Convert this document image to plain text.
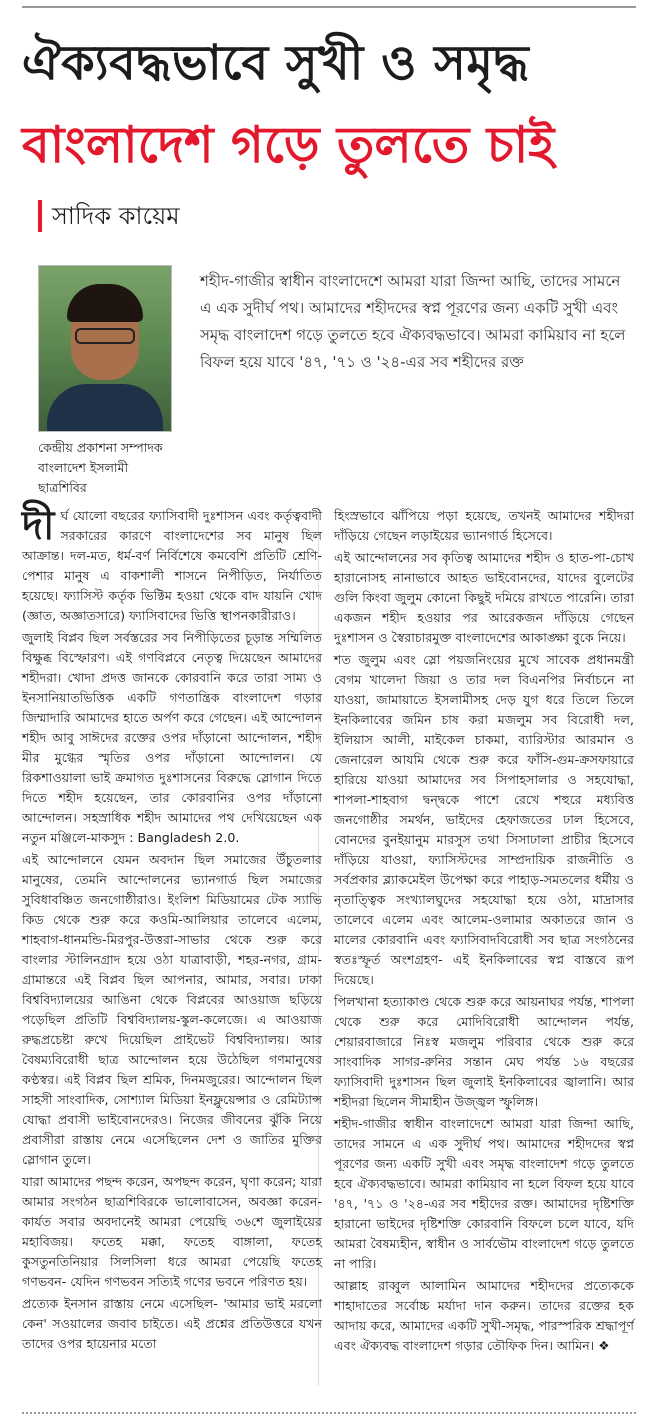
ঐক্যবদ্ধভাবে সুখী ও সমৃদ্ধ
বাংলাদেশ গড়ে তুলতে চাই
সাদিক কায়েম
কেন্দ্রীয় প্রকাশনা সম্পাদক
বাংলাদেশ ইসলামী
ছাত্রশিবির

শহীদ-গাজীর স্বাধীন বাংলাদেশে আমরা যারা জিন্দা আছি, তাদের সামনে এ এক সুদীর্ঘ পথ। আমাদের শহীদদের স্বপ্ন পূরণের জন্য একটি সুখী এবং সমৃদ্ধ বাংলাদেশ গড়ে তুলতে হবে ঐক্যবদ্ধভাবে। আমরা কামিয়াব না হলে বিফল হয়ে যাবে '৪৭, '৭১ ও '২৪-এর সব শহীদের রক্ত

দীর্ঘ যোলো বছরের ফ্যাসিবাদী দুঃশাসন এবং কর্তৃত্ববাদী সরকারের কারণে বাংলাদেশের সব মানুষ ছিল আক্রান্ত। দল-মত, ধর্ম-বর্ণ নির্বিশেষে কমবেশি প্রতিটি শ্রেণি-পেশার মানুষ এ বাকশালী শাসনে নিপীড়িত, নির্যাতিত হয়েছে। ফ্যাসিস্ট কর্তৃক ভিক্টিম হওয়া থেকে বাদ যায়নি খোদ (জ্ঞাত, অজ্ঞাতসারে) ফ্যাসিবাদের ভিত্তি স্থাপনকারীরাও।

জুলাই বিপ্লব ছিল সর্বস্তরের সব নিপীড়িতের চূড়ান্ত সম্মিলিত বিক্ষুব্ধ বিস্ফোরণ। এই গণবিপ্লবে নেতৃত্ব দিয়েছেন আমাদের শহীদরা। খোদা প্রদত্ত জানকে কোরবানি করে তারা সাম্য ও ইনসানিয়াতভিত্তিক একটি গণতান্ত্রিক বাংলাদেশ গড়ার জিম্মাদারি আমাদের হাতে অর্পণ করে গেছেন। এই আন্দোলন শহীদ আবু সাঈদের রক্তের ওপর দাঁড়ানো আন্দোলন, শহীদ মীর মুগ্ধের স্মৃতির ওপর দাঁড়ানো আন্দোলন। যে রিকশাওয়ালা ভাই ক্রমাগত দুঃশাসনের বিরুদ্ধে স্লোগান দিতে দিতে শহীদ হয়েছেন, তার কোরবানির ওপর দাঁড়ানো আন্দোলন। সহস্রাধিক শহীদ আমাদের পথ দেখিয়েছেন এক নতুন মঞ্জিলে-মাকসুদ : Bangladesh 2.0.

এই আন্দোলনে যেমন অবদান ছিল সমাজের উঁচুতলার মানুষের, তেমনি আন্দোলনের ভ্যানগার্ড ছিল সমাজের সুবিধাবঞ্চিত জনগোষ্ঠীরাও। ইংলিশ মিডিয়ামের টেক স্যাভি কিড থেকে শুরু করে কওমি-আলিয়ার তালেবে এলেম, শাহবাগ-ধানমন্ডি-মিরপুর-উত্তরা-সাভার থেকে শুরু করে বাংলার স্টালিনগ্রাদ হয়ে ওঠা যাত্রাবাড়ী, শহর-নগর, গ্রাম-গ্রামান্তরে এই বিপ্লব ছিল আপনার, আমার, সবার। ঢাকা বিশ্ববিদ্যালয়ের আঙিনা থেকে বিপ্লবের আওয়াজ ছড়িয়ে পড়েছিল প্রতিটি বিশ্ববিদ্যালয়-স্কুল-কলেজে। এ আওয়াজ রুদ্ধপ্রচেষ্টা রুখে দিয়েছিল প্রাইভেট বিশ্ববিদ্যালয়। আর বৈষম্যবিরোধী ছাত্র আন্দোলন হয়ে উঠেছিল গণমানুষের কণ্ঠস্বর। এই বিপ্লব ছিল শ্রমিক, দিনমজুরের। আন্দোলন ছিল সাহসী সাংবাদিক, সোশ্যাল মিডিয়া ইনফ্লুয়েন্সার ও রেমিট্যান্স যোদ্ধা প্রবাসী ভাইবোনদেরও। নিজের জীবনের ঝুঁকি নিয়ে প্রবাসীরা রাস্তায় নেমে এসেছিলেন দেশ ও জাতির মুক্তির স্লোগান তুলে।

যারা আমাদের পছন্দ করেন, অপছন্দ করেন, ঘৃণা করেন; যারা আমার সংগঠন ছাত্রশিবিরকে ভালোবাসেন, অবজ্ঞা করেন- কার্যত সবার অবদানেই আমরা পেয়েছি ৩৬শে জুলাইয়ের মহাবিজয়। ফতেহ মক্কা, ফতেহ বাঙ্গালা, ফতেহ কুসতুনতিনিয়ার সিলসিলা ধরে আমরা পেয়েছি ফতেহ গণভবন- যেদিন গণভবন সত্যিই গণের ভবনে পরিণত হয়।

প্রত্যেক ইনসান রাস্তায় নেমে এসেছিল- 'আমার ভাই মরলো কেন' সওয়ালের জবাব চাইতে। এই প্রশ্নের প্রতিউত্তরে যখন তাদের ওপর হায়েনার মতো

হিংস্রভাবে ঝাঁপিয়ে পড়া হয়েছে, তখনই আমাদের শহীদরা দাঁড়িয়ে গেছেন লড়াইয়ের ভ্যানগার্ড হিসেবে।

এই আন্দোলনের সব কৃতিত্ব আমাদের শহীদ ও হাত-পা-চোখ হারানোসহ নানাভাবে আহত ভাইবোনদের, যাদের বুলেটের গুলি কিংবা জুলুম কোনো কিছুই দমিয়ে রাখতে পারেনি। তারা একজন শহীদ হওয়ার পর আরেকজন দাঁড়িয়ে গেছেন দুঃশাসন ও স্বৈরাচারমুক্ত বাংলাদেশের আকাঙ্ক্ষা বুকে নিয়ে।

শত জুলুম এবং স্লো পয়জনিংয়ের মুখে সাবেক প্রধানমন্ত্রী বেগম খালেদা জিয়া ও তার দল বিএনপির নির্বাচনে না যাওয়া, জামায়াতে ইসলামীসহ দেড় যুগ ধরে তিলে তিলে ইনকিলাবের জমিন চাষ করা মজলুম সব বিরোধী দল, ইলিয়াস আলী, মাইকেল চাকমা, ব্যারিস্টার আরমান ও জেনারেল আযমি থেকে শুরু করে ফাঁসি-গুম-ক্রসফায়ারে হারিয়ে যাওয়া আমাদের সব সিপাহসালার ও সহযোদ্ধা, শাপলা-শাহবাগ দ্বন্দ্বকে পাশে রেখে শহুরে মধ্যবিত্ত জনগোষ্ঠীর সমর্থন, ভাইদের হেফাজতের ঢাল হিসেবে, বোনদের বুনইয়ানুম মারসুস তথা সিসাঢালা প্রাচীর হিসেবে দাঁড়িয়ে যাওয়া, ফ্যাসিস্টদের সাম্প্রদায়িক রাজনীতি ও সর্বপ্রকার ব্ল্যাকমেইল উপেক্ষা করে পাহাড়-সমতলের ধর্মীয় ও নৃতাত্ত্বিক সংখ্যালঘুদের সহযোদ্ধা হয়ে ওঠা, মাদ্রাসার তালেবে এলেম এবং আলেম-ওলামার অকাতরে জান ও মালের কোরবানি এবং ফ্যাসিবাদবিরোধী সব ছাত্র সংগঠনের স্বতঃস্ফূর্ত অংশগ্রহণ- এই ইনকিলাবের স্বপ্ন বাস্তবে রূপ দিয়েছে।

পিলখানা হত্যাকাণ্ড থেকে শুরু করে আয়নাঘর পর্যন্ত, শাপলা থেকে শুরু করে মোদিবিরোধী আন্দোলন পর্যন্ত, শেয়ারবাজারে নিঃস্ব মজলুম পরিবার থেকে শুরু করে সাংবাদিক সাগর-রুনির সন্তান মেঘ পর্যন্ত ১৬ বছরের ফ্যাসিবাদী দুঃশাসন ছিল জুলাই ইনকিলাবের জ্বালানি। আর শহীদরা ছিলেন সীমাহীন উজ্জ্বল স্ফুলিঙ্গ।

শহীদ-গাজীর স্বাধীন বাংলাদেশে আমরা যারা জিন্দা আছি, তাদের সামনে এ এক সুদীর্ঘ পথ। আমাদের শহীদদের স্বপ্ন পূরণের জন্য একটি সুখী এবং সমৃদ্ধ বাংলাদেশ গড়ে তুলতে হবে ঐক্যবদ্ধভাবে। আমরা কামিয়াব না হলে বিফল হয়ে যাবে '৪৭, '৭১ ও '২৪-এর সব শহীদের রক্ত। আমাদের দৃষ্টিশক্তি হারানো ভাইদের দৃষ্টিশক্তি কোরবানি বিফলে চলে যাবে, যদি আমরা বৈষম্যহীন, স্বাধীন ও সার্বভৌম বাংলাদেশ গড়ে তুলতে না পারি।

আল্লাহ রাব্বুল আলামিন আমাদের শহীদদের প্রত্যেককে শাহাদাতের সর্বোচ্চ মর্যাদা দান করুন। তাদের রক্তের হক আদায় করে, আমাদের একটি সুখী-সমৃদ্ধ, পারস্পরিক শ্রদ্ধাপূর্ণ এবং ঐক্যবদ্ধ বাংলাদেশ গড়ার তৌফিক দিন। আমিন। ❖
